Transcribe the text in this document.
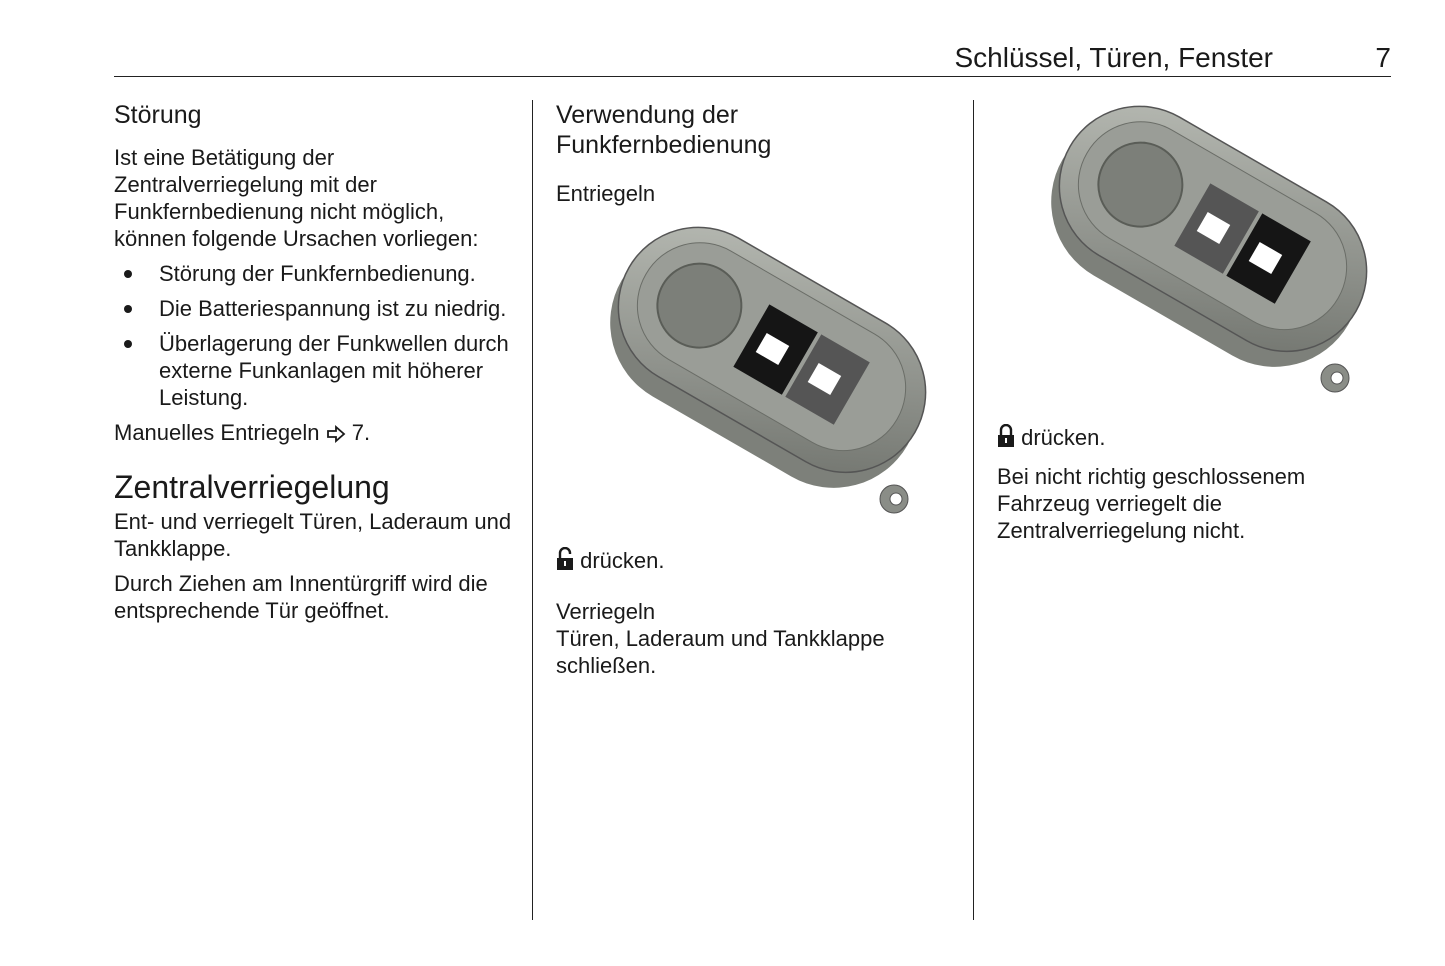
Schlüssel, Türen, Fenster	7
Störung

Ist eine Betätigung der Zentralverriegelung mit der Funkfernbedienung nicht möglich, können folgende Ursachen vorliegen:

Störung der Funkfernbedienung.
Die Batteriespannung ist zu niedrig.
Überlagerung der Funkwellen durch externe Funkanlagen mit höherer Leistung.

Manuelles Entriegeln 7.

Zentralverriegelung

Ent- und verriegelt Türen, Laderaum und Tankklappe.

Durch Ziehen am Innentürgriff wird die entsprechende Tür geöffnet.

Verwendung der Funkfernbedienung
Entriegeln

drücken.

Verriegeln

Türen, Laderaum und Tankklappe schließen.

drücken.

Bei nicht richtig geschlossenem Fahrzeug verriegelt die Zentralverriegelung nicht.
